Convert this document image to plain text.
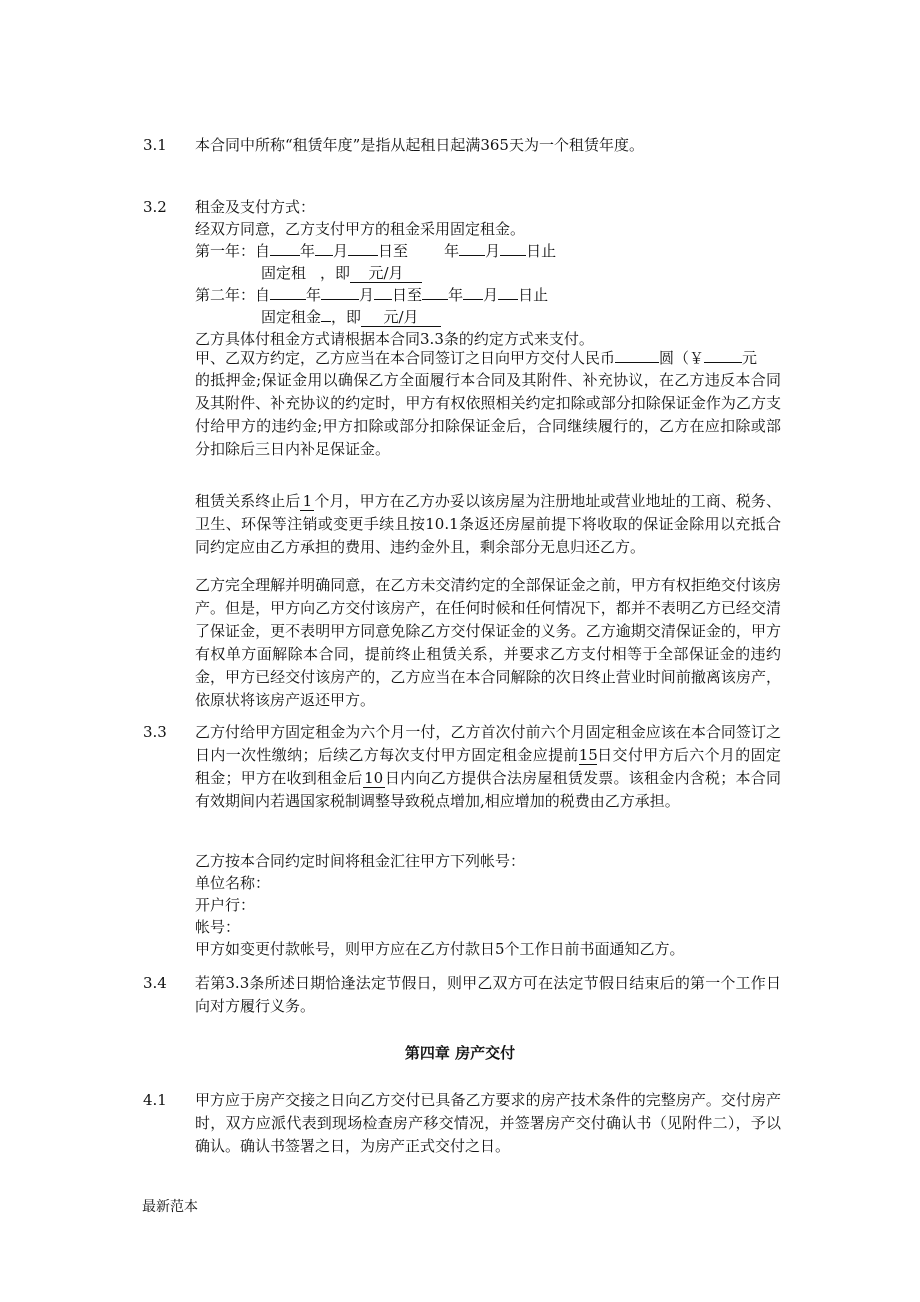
3.1 本合同中所称“租赁年度”是指从起租日起满365天为一个租赁年度。
3.2 租金及支付方式：
经双方同意，乙方支付甲方的租金采用固定租金。
第一年：自 年 月 日至 年 月 日止
固定租 ，即 元/月
第二年：自 年	月 日至 年 月 日止
固定租金 ，即 元/月
乙方具体付租金方式请根据本合同3.3条的约定方式来支付。
甲、乙双方约定，乙方应当在本合同签订之日向甲方交付人民币	圆（￥	元
的抵押金;保证金用以确保乙方全面履行本合同及其附件、补充协议，在乙方违反本合同及其附件、补充协议的约定时，甲方有权依照相关约定扣除或部分扣除保证金作为乙方支付给甲方的违约金;甲方扣除或部分扣除保证金后，合同继续履行的，乙方在应扣除或部分扣除后三日内补足保证金。
租赁关系终止后 1 个月，甲方在乙方办妥以该房屋为注册地址或营业地址的工商、税务、卫生、环保等注销或变更手续且按10.1条返还房屋前提下将收取的保证金除用以充抵合同约定应由乙方承担的费用、违约金外且，剩余部分无息归还乙方。
乙方完全理解并明确同意，在乙方未交清约定的全部保证金之前，甲方有权拒绝交付该房产。但是，甲方向乙方交付该房产，在任何时候和任何情况下，都并不表明乙方已经交清了保证金，更不表明甲方同意免除乙方交付保证金的义务。乙方逾期交清保证金的，甲方有权单方面解除本合同，提前终止租赁关系，并要求乙方支付相等于全部保证金的违约金，甲方已经交付该房产的，乙方应当在本合同解除的次日终止营业时间前撤离该房产，依原状将该房产返还甲方。
3.3 乙方付给甲方固定租金为六个月一付，乙方首次付前六个月固定租金应该在本合同签订之日内一次性缴纳；后续乙方每次支付甲方固定租金应提前15日交付甲方后六个月的固定租金；甲方在收到租金后10日内向乙方提供合法房屋租赁发票。该租金内含税；本合同有效期间内若遇国家税制调整导致税点增加,相应增加的税费由乙方承担。
乙方按本合同约定时间将租金汇往甲方下列帐号：
单位名称：
开户行：
帐号：
甲方如变更付款帐号，则甲方应在乙方付款日5个工作日前书面通知乙方。
3.4 若第3.3条所述日期恰逢法定节假日，则甲乙双方可在法定节假日结束后的第一个工作日向对方履行义务。
第四章 房产交付
4.1 甲方应于房产交接之日向乙方交付已具备乙方要求的房产技术条件的完整房产。交付房产时，双方应派代表到现场检查房产移交情况，并签署房产交付确认书（见附件二），予以确认。确认书签署之日，为房产正式交付之日。
最新范本
